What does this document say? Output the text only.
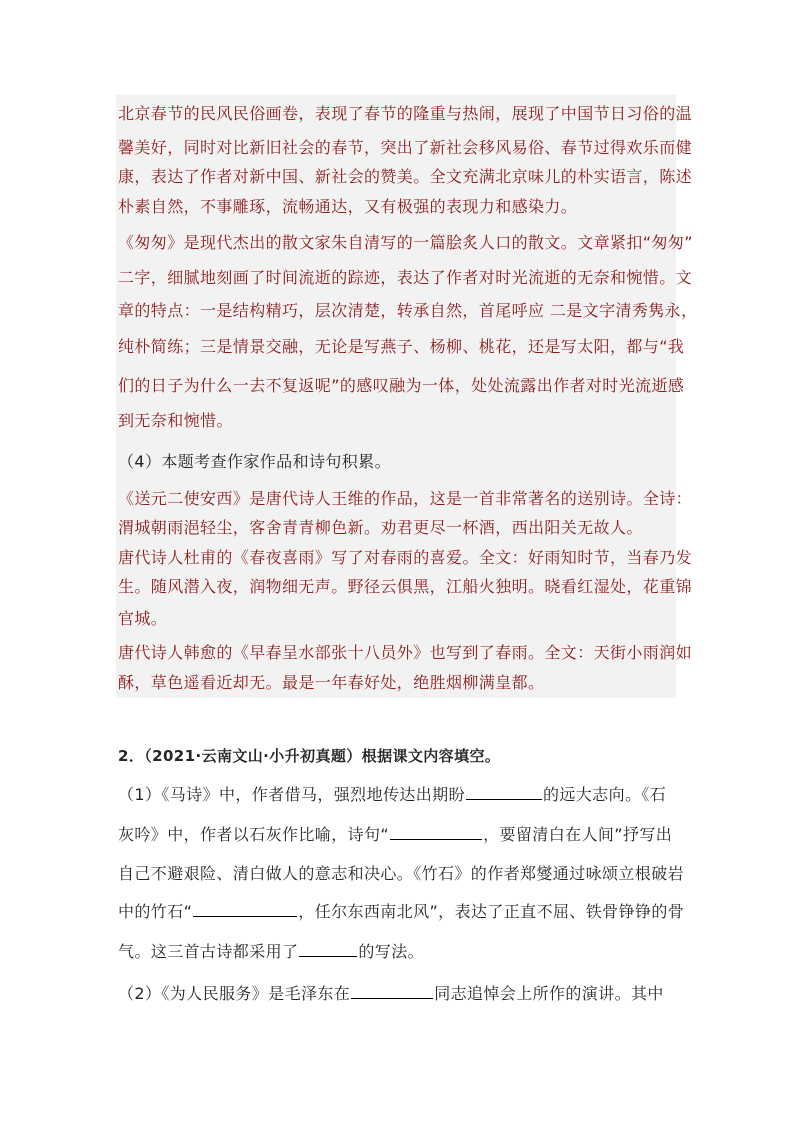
北京春节的民风民俗画卷，表现了春节的隆重与热闹，展现了中国节日习俗的温
馨美好，同时对比新旧社会的春节，突出了新社会移风易俗、春节过得欢乐而健
康，表达了作者对新中国、新社会的赞美。全文充满北京味儿的朴实语言，陈述
朴素自然，不事雕琢，流畅通达，又有极强的表现力和感染力。
《匆匆》是现代杰出的散文家朱自清写的一篇脍炙人口的散文。文章紧扣“匆匆”
二字，细腻地刻画了时间流逝的踪迹，表达了作者对时光流逝的无奈和惋惜。文
章的特点：一是结构精巧，层次清楚，转承自然，首尾呼应 二是文字清秀隽永，
纯朴简练；三是情景交融，无论是写燕子、杨柳、桃花，还是写太阳，都与“我
们的日子为什么一去不复返呢”的感叹融为一体，处处流露出作者对时光流逝感
到无奈和惋惜。
（4）本题考查作家作品和诗句积累。
《送元二使安西》是唐代诗人王维的作品，这是一首非常著名的送别诗。全诗：
渭城朝雨浥轻尘，客舍青青柳色新。劝君更尽一杯酒，西出阳关无故人。
唐代诗人杜甫的《春夜喜雨》写了对春雨的喜爱。全文：好雨知时节，当春乃发
生。随风潜入夜，润物细无声。野径云俱黑，江船火独明。晓看红湿处，花重锦
官城。
唐代诗人韩愈的《早春呈水部张十八员外》也写到了春雨。全文：天街小雨润如
酥，草色遥看近却无。最是一年春好处，绝胜烟柳满皇都。
2．（2021·云南文山·小升初真题）根据课文内容填空。
（1）《马诗》中，作者借马，强烈地传达出期盼	的远大志向。《石
灰吟》中，作者以石灰作比喻，诗句“	，要留清白在人间”抒写出
自己不避艰险、清白做人的意志和决心。《竹石》的作者郑燮通过咏颂立根破岩
中的竹石“	，任尔东西南北风”，表达了正直不屈、铁骨铮铮的骨
气。这三首古诗都采用了	的写法。
（2）《为人民服务》是毛泽东在	同志追悼会上所作的演讲。其中
